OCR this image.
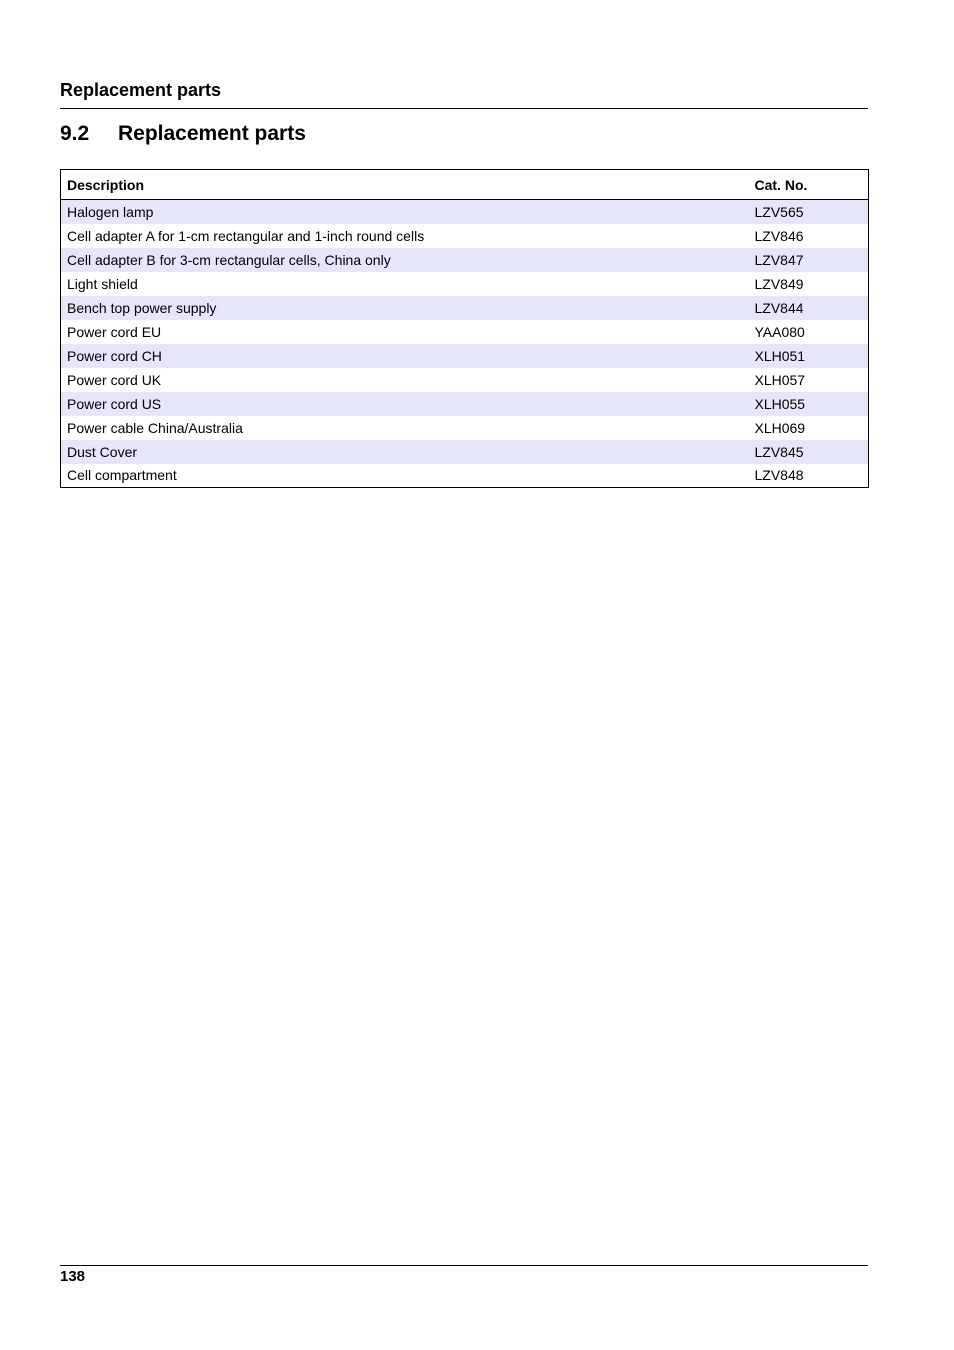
Replacement parts
9.2 Replacement parts
Description	Cat. No.
Halogen lamp	LZV565
Cell adapter A for 1-cm rectangular and 1-inch round cells	LZV846
Cell adapter B for 3-cm rectangular cells, China only	LZV847
Light shield	LZV849
Bench top power supply	LZV844
Power cord EU	YAA080
Power cord CH	XLH051
Power cord UK	XLH057
Power cord US	XLH055
Power cable China/Australia	XLH069
Dust Cover	LZV845
Cell compartment	LZV848
138
